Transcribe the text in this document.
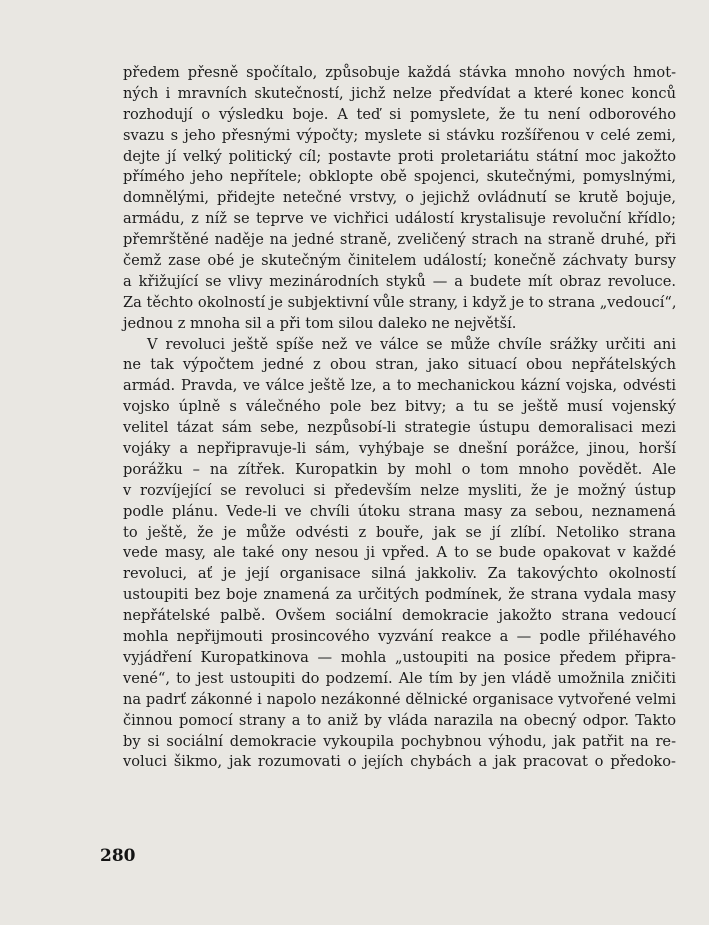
předem přesně spočítalo, způsobuje každá stávka mnoho nových hmot-
ných i mravních skutečností, jichž nelze předvídat a které konec konců
rozhodují o výsledku boje. A teď si pomyslete, že tu není odborového
svazu s jeho přesnými výpočty; myslete si stávku rozšířenou v celé zemi,
dejte jí velký politický cíl; postavte proti proletariátu státní moc jakožto
přímého jeho nepřítele; obklopte obě spojenci, skutečnými, pomyslnými,
domnělými, přidejte netečné vrstvy, o jejichž ovládnutí se krutě bojuje,
armádu, z níž se teprve ve vichřici událostí krystalisuje revoluční křídlo;
přemrštěné naděje na jedné straně, zveličený strach na straně druhé, při
čemž zase obé je skutečným činitelem událostí; konečně záchvaty bursy
a křižující se vlivy mezinárodních styků — a budete mít obraz revoluce.
Za těchto okolností je subjektivní vůle strany, i když je to strana „vedoucí“,
jednou z mnoha sil a při tom silou daleko ne největší.
V revoluci ještě spíše než ve válce se může chvíle srážky určiti ani
ne tak výpočtem jedné z obou stran, jako situací obou nepřátelských
armád. Pravda, ve válce ještě lze, a to mechanickou kázní vojska, odvésti
vojsko úplně s válečného pole bez bitvy; a tu se ještě musí vojenský
velitel tázat sám sebe, nezpůsobí-li strategie ústupu demoralisaci mezi
vojáky a nepřipravuje-li sám, vyhýbaje se dnešní porážce, jinou, horší
porážku – na zítřek. Kuropatkin by mohl o tom mnoho povědět. Ale
v rozvíjející se revoluci si především nelze mysliti, že je možný ústup
podle plánu. Vede-li ve chvíli útoku strana masy za sebou, neznamená
to ještě, že je může odvésti z bouře, jak se jí zlíbí. Netoliko strana
vede masy, ale také ony nesou ji vpřed. A to se bude opakovat v každé
revoluci, ať je její organisace silná jakkoliv. Za takovýchto okolností
ustoupiti bez boje znamená za určitých podmínek, že strana vydala masy
nepřátelské palbě. Ovšem sociální demokracie jakožto strana vedoucí
mohla nepřijmouti prosincového vyzvání reakce a — podle přiléhavého
vyjádření Kuropatkinova — mohla „ustoupiti na posice předem připra-
vené“, to jest ustoupiti do podzemí. Ale tím by jen vládě umožnila zničiti
na padrť zákonné i napolo nezákonné dělnické organisace vytvořené velmi
činnou pomocí strany a to aniž by vláda narazila na obecný odpor. Takto
by si sociální demokracie vykoupila pochybnou výhodu, jak patřit na re-
voluci šikmo, jak rozumovati o jejích chybách a jak pracovat o předoko-
280
